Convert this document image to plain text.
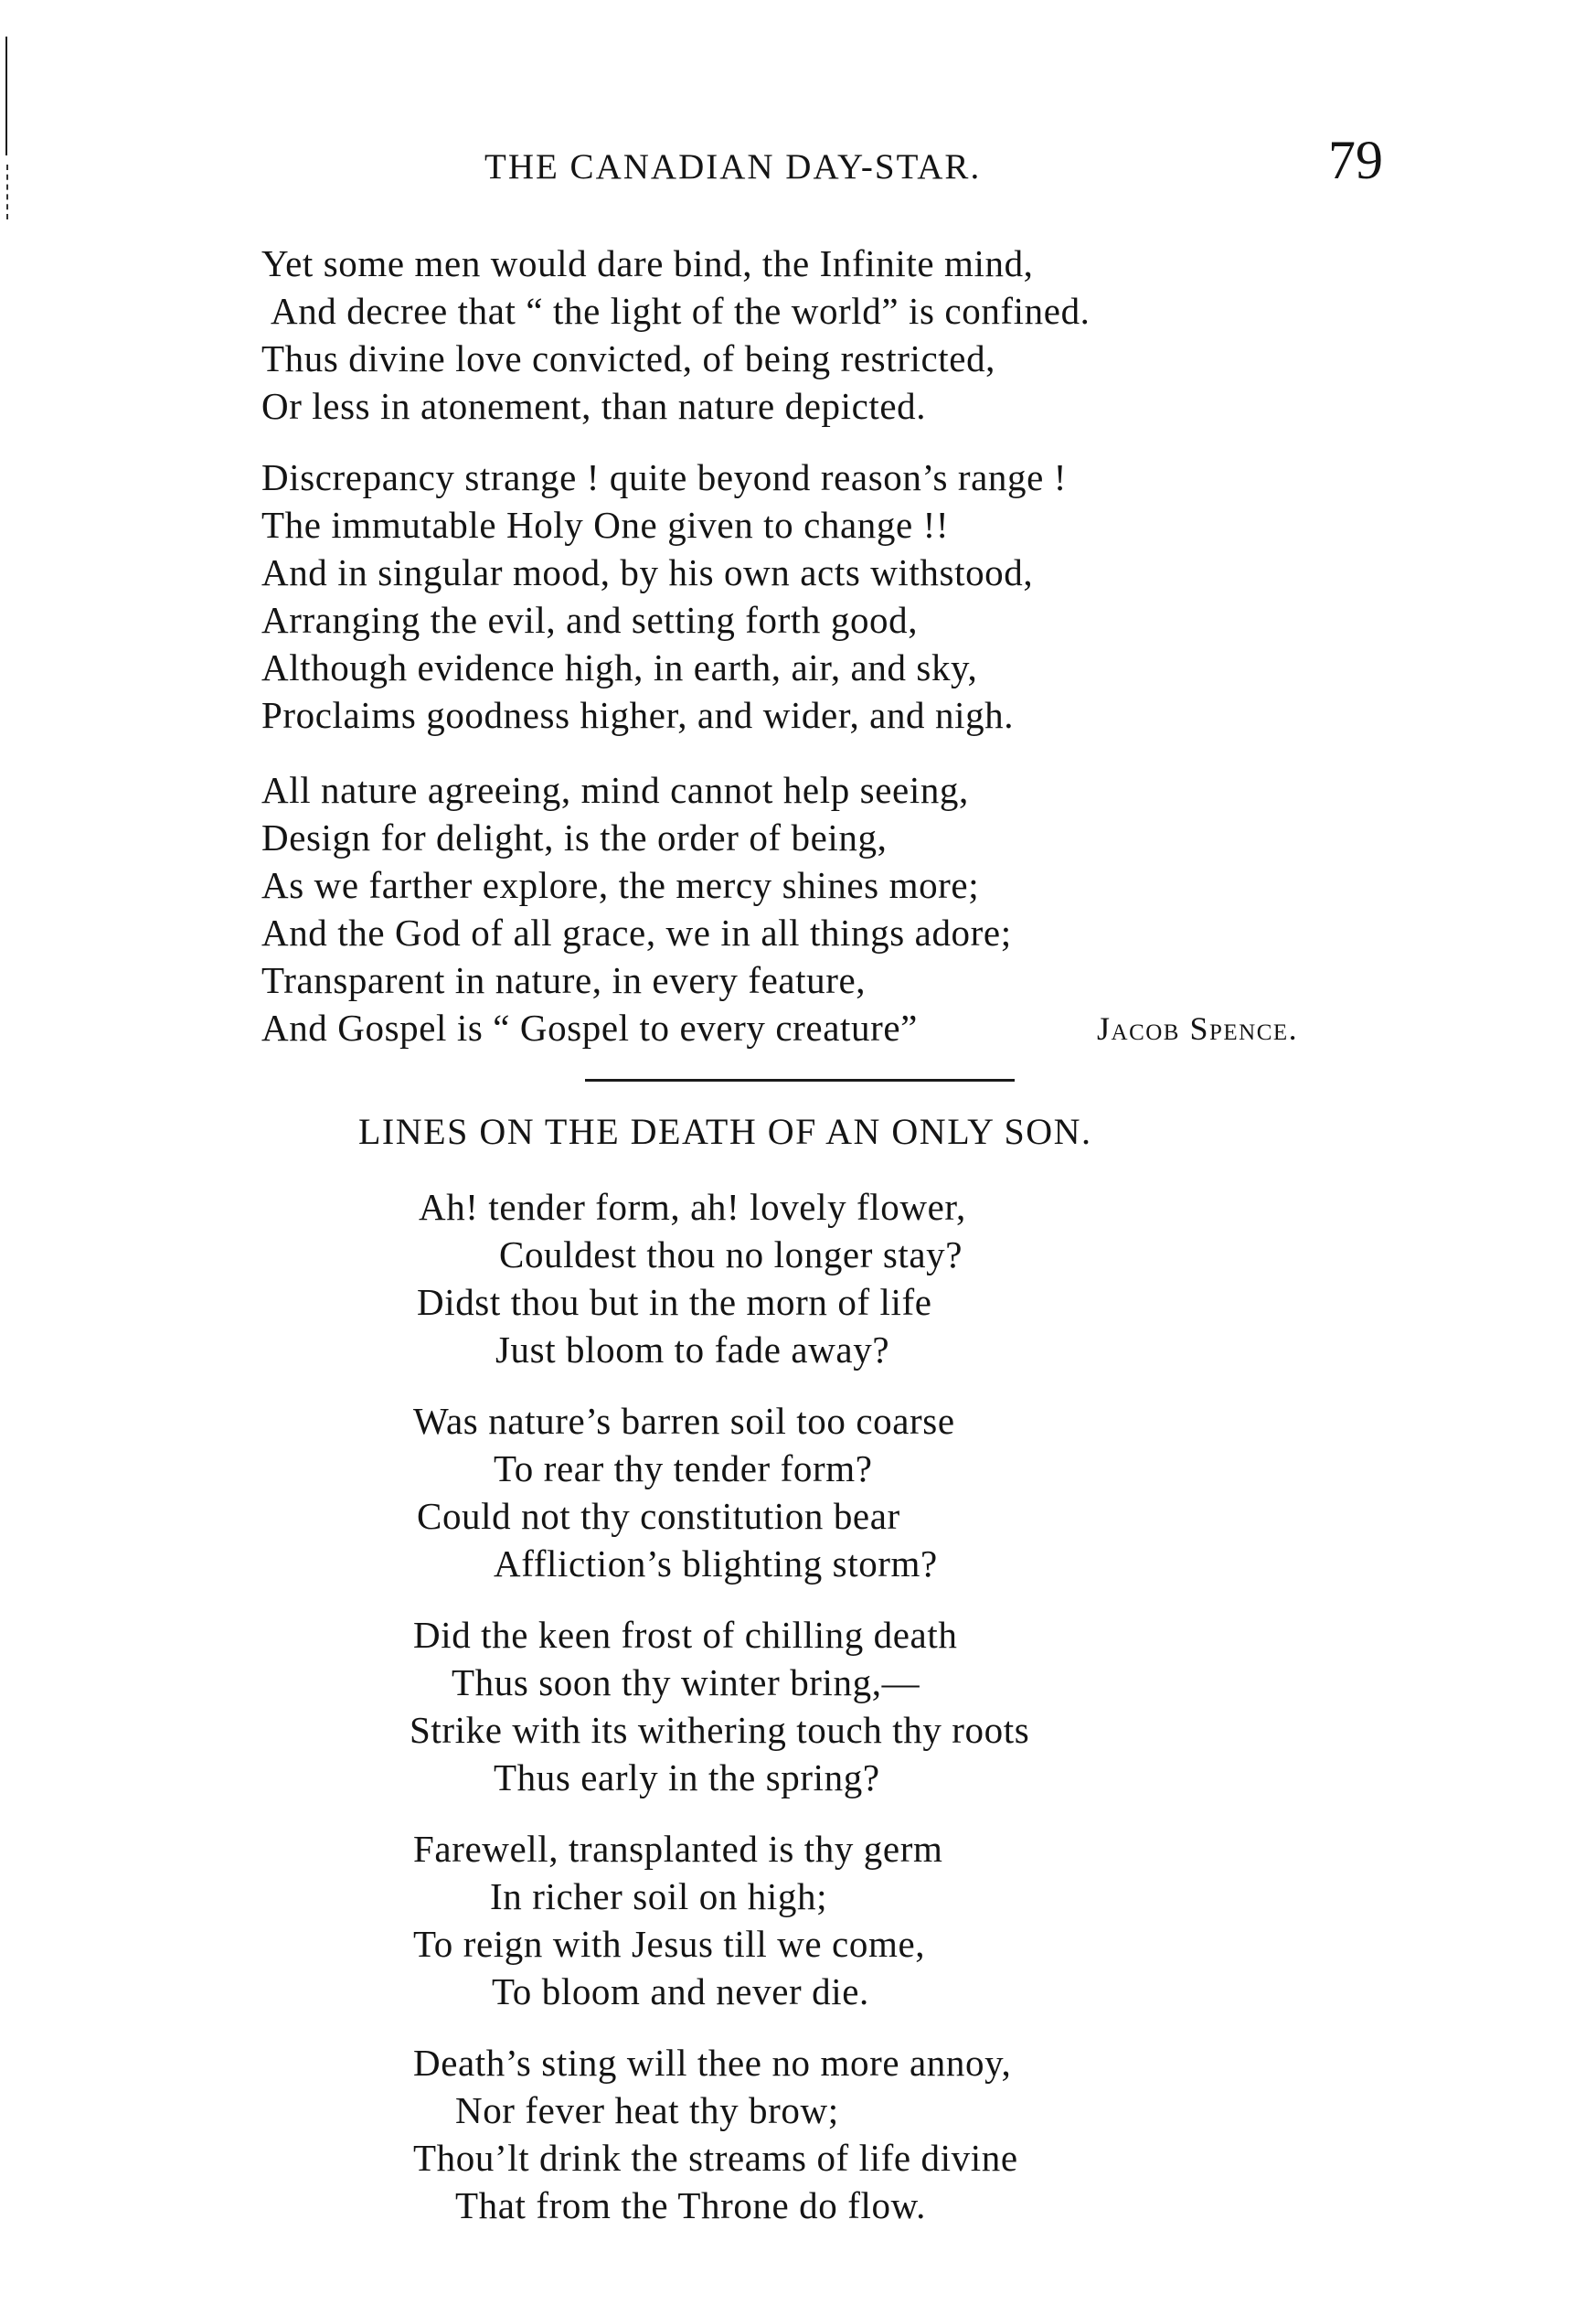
THE CANADIAN DAY-STAR.	79
Yet some men would dare bind, the Infinite mind,
And decree that “ the light of the world” is confined.
Thus divine love convicted, of being restricted,
Or less in atonement, than nature depicted.
Discrepancy strange ! quite beyond reason’s range !
The immutable Holy One given to change !!
And in singular mood, by his own acts withstood,
Arranging the evil, and setting forth good,
Although evidence high, in earth, air, and sky,
Proclaims goodness higher, and wider, and nigh.
All nature agreeing, mind cannot help seeing,
Design for delight, is the order of being,
As we farther explore, the mercy shines more;
And the God of all grace, we in all things adore;
Transparent in nature, in every feature,
And Gospel is “ Gospel to every creature”	Jacob Spence.
LINES ON THE DEATH OF AN ONLY SON.
Ah! tender form, ah! lovely flower,
Couldest thou no longer stay?
Didst thou but in the morn of life
Just bloom to fade away?
Was nature’s barren soil too coarse
To rear thy tender form?
Could not thy constitution bear
Affliction’s blighting storm?
Did the keen frost of chilling death
Thus soon thy winter bring,—
Strike with its withering touch thy roots
Thus early in the spring?
Farewell, transplanted is thy germ
In richer soil on high;
To reign with Jesus till we come,
To bloom and never die.
Death’s sting will thee no more annoy,
Nor fever heat thy brow;
Thou’lt drink the streams of life divine
That from the Throne do flow.
